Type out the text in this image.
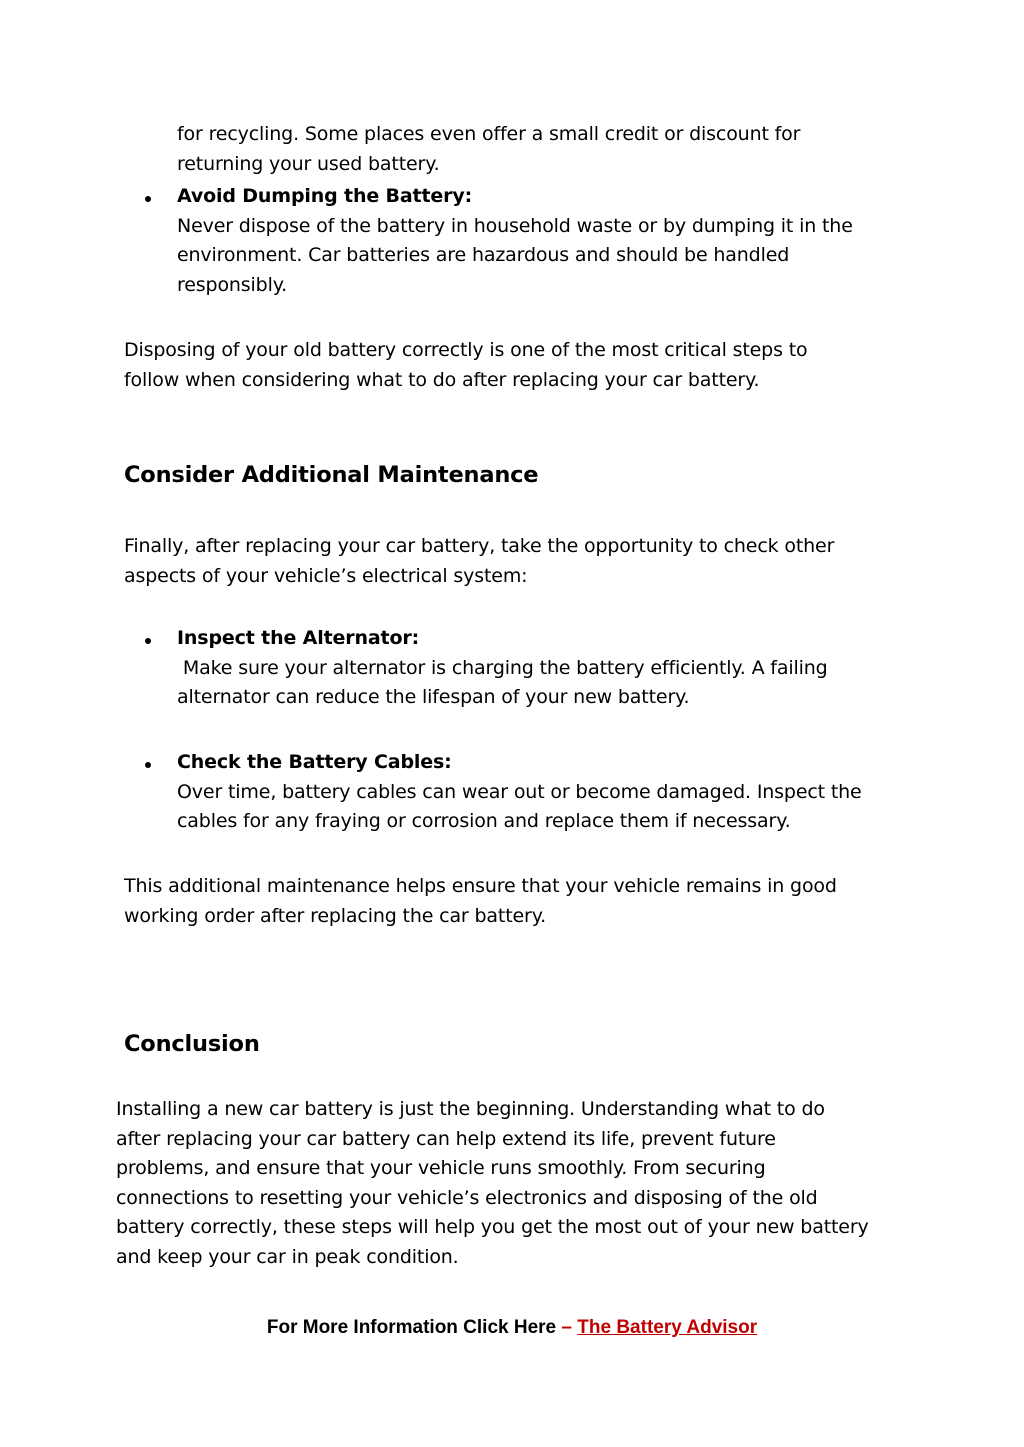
for recycling. Some places even offer a small credit or discount for
returning your used battery.
Avoid Dumping the Battery:
Never dispose of the battery in household waste or by dumping it in the
environment. Car batteries are hazardous and should be handled
responsibly.
Disposing of your old battery correctly is one of the most critical steps to
follow when considering what to do after replacing your car battery.
Consider Additional Maintenance
Finally, after replacing your car battery, take the opportunity to check other
aspects of your vehicle’s electrical system:
Inspect the Alternator:
Make sure your alternator is charging the battery efficiently. A failing
alternator can reduce the lifespan of your new battery.
Check the Battery Cables:
Over time, battery cables can wear out or become damaged. Inspect the
cables for any fraying or corrosion and replace them if necessary.
This additional maintenance helps ensure that your vehicle remains in good
working order after replacing the car battery.
Conclusion
Installing a new car battery is just the beginning. Understanding what to do
after replacing your car battery can help extend its life, prevent future
problems, and ensure that your vehicle runs smoothly. From securing
connections to resetting your vehicle’s electronics and disposing of the old
battery correctly, these steps will help you get the most out of your new battery
and keep your car in peak condition.
For More Information Click Here – The Battery Advisor
